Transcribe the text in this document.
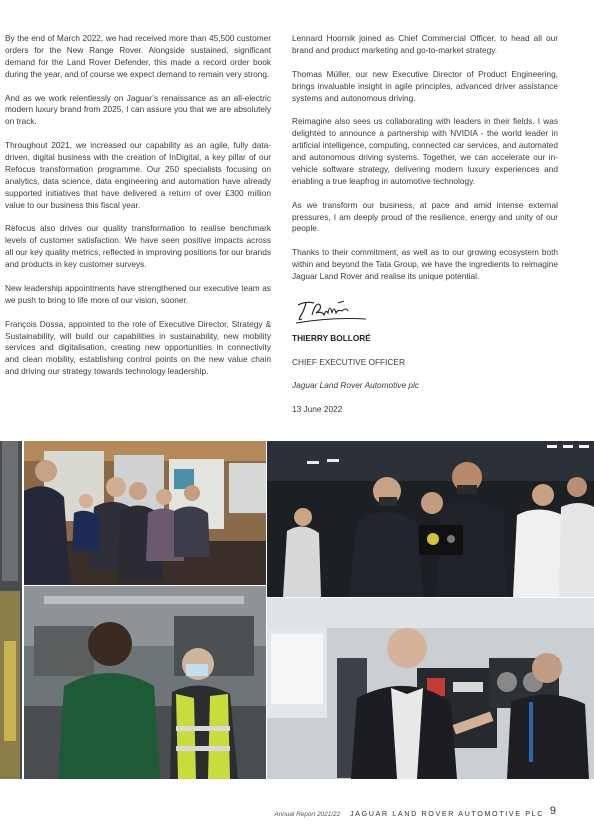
By the end of March 2022, we had received more than 45,500 customer orders for the New Range Rover. Alongside sustained, significant demand for the Land Rover Defender, this made a record order book during the year, and of course we expect demand to remain very strong.

And as we work relentlessly on Jaguar’s renaissance as an all-electric modern luxury brand from 2025, I can assure you that we are absolutely on track.

Throughout 2021, we increased our capability as an agile, fully data-driven, digital business with the creation of InDigital, a key pillar of our Refocus transformation programme. Our 250 specialists focusing on analytics, data science, data engineering and automation have already supported initiatives that have delivered a return of over £300 million value to our business this fiscal year.

Refocus also drives our quality transformation to realise benchmark levels of customer satisfaction. We have seen positive impacts across all our key quality metrics, reflected in improving positions for our brands and products in key customer surveys.

New leadership appointments have strengthened our executive team as we push to bring to life more of our vision, sooner.

François Dossa, appointed to the role of Executive Director, Strategy & Sustainability, will build our capabilities in sustainability, new mobility services and digitalisation, creating new opportunities in connectivity and clean mobility, establishing control points on the new value chain and driving our strategy towards technology leadership.

Lennard Hoornik joined as Chief Commercial Officer, to head all our brand and product marketing and go-to-market strategy.

Thomas Müller, our new Executive Director of Product Engineering, brings invaluable insight in agile principles, advanced driver assistance systems and autonomous driving.

Reimagine also sees us collaborating with leaders in their fields. I was delighted to announce a partnership with NVIDIA - the world leader in artificial intelligence, computing, connected car services, and automated and autonomous driving systems. Together, we can accelerate our in-vehicle software strategy, delivering modern luxury experiences and enabling a true leapfrog in automotive technology.

As we transform our business, at pace and amid intense external pressures, I am deeply proud of the resilience, energy and unity of our people.

Thanks to their commitment, as well as to our growing ecosystem both within and beyond the Tata Group, we have the ingredients to reimagine Jaguar Land Rover and realise its unique potential.

THIERRY BOLLORÉ

CHIEF EXECUTIVE OFFICER

Jaguar Land Rover Automotive plc

13 June 2022

Annual Report 2021/22 JAGUAR LAND ROVER AUTOMOTIVE PLC 9
